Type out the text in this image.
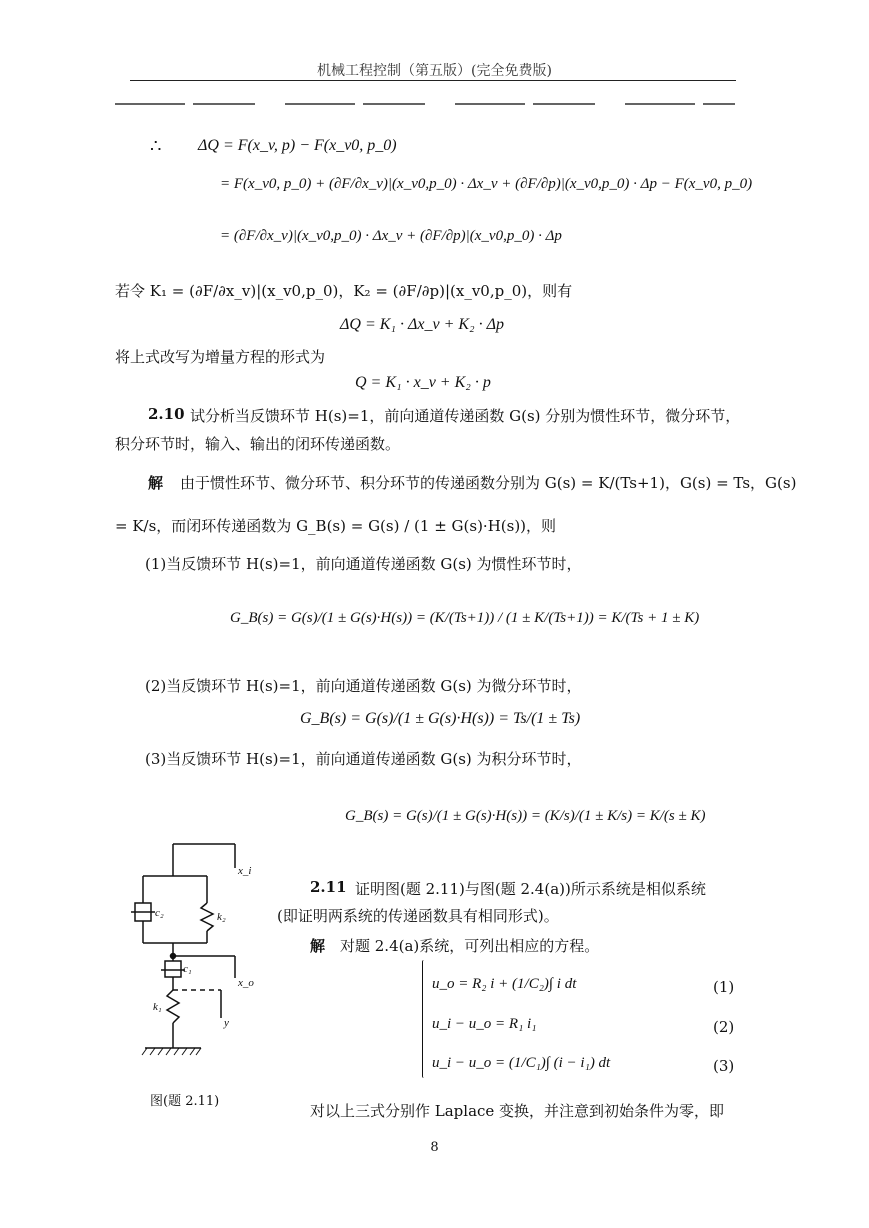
机械工程控制（第五版）(完全免费版)
∴ ΔQ = F(x_v, p) − F(x_v0, p_0)
= F(x_v0, p_0) + (∂F/∂x_v)|(x_v0,p_0) · Δx_v + (∂F/∂p)|(x_v0,p_0) · Δp − F(x_v0, p_0)
= (∂F/∂x_v)|(x_v0,p_0) · Δx_v + (∂F/∂p)|(x_v0,p_0) · Δp
若令 K₁ = (∂F/∂x_v)|(x_v0,p_0)，K₂ = (∂F/∂p)|(x_v0,p_0)，则有
ΔQ = K₁ · Δx_v + K₂ · Δp
将上式改写为增量方程的形式为
Q = K₁ · x_v + K₂ · p
2.10 试分析当反馈环节 H(s)=1，前向通道传递函数 G(s) 分别为惯性环节，微分环节，
积分环节时，输入、输出的闭环传递函数。
解 由于惯性环节、微分环节、积分环节的传递函数分别为 G(s) = K/(Ts+1)，G(s) = Ts，G(s)
= K/s，而闭环传递函数为 G_B(s) = G(s) / (1 ± G(s)·H(s))，则
(1)当反馈环节 H(s)=1，前向通道传递函数 G(s) 为惯性环节时，
G_B(s) = G(s)/(1 ± G(s)·H(s)) = (K/(Ts+1)) / (1 ± K/(Ts+1)) = K/(Ts + 1 ± K)
(2)当反馈环节 H(s)=1，前向通道传递函数 G(s) 为微分环节时，
G_B(s) = G(s)/(1 ± G(s)·H(s)) = Ts/(1 ± Ts)
(3)当反馈环节 H(s)=1，前向通道传递函数 G(s) 为积分环节时，
G_B(s) = G(s)/(1 ± G(s)·H(s)) = (K/s)/(1 ± K/s) = K/(s ± K)
x_i
c₂	k₂
c₁
x_o
k₁
y
图(题 2.11)
2.11 证明图(题 2.11)与图(题 2.4(a))所示系统是相似系统
(即证明两系统的传递函数具有相同形式)。
解 对题 2.4(a)系统，可列出相应的方程。
u_o = R₂ i + (1/C₂)∫ i dt
u_i − u_o = R₁ i₁
u_i − u_o = (1/C₁)∫ (i − i₁) dt
(1)
(2)
(3)
对以上三式分别作 Laplace 变换，并注意到初始条件为零，即
8
